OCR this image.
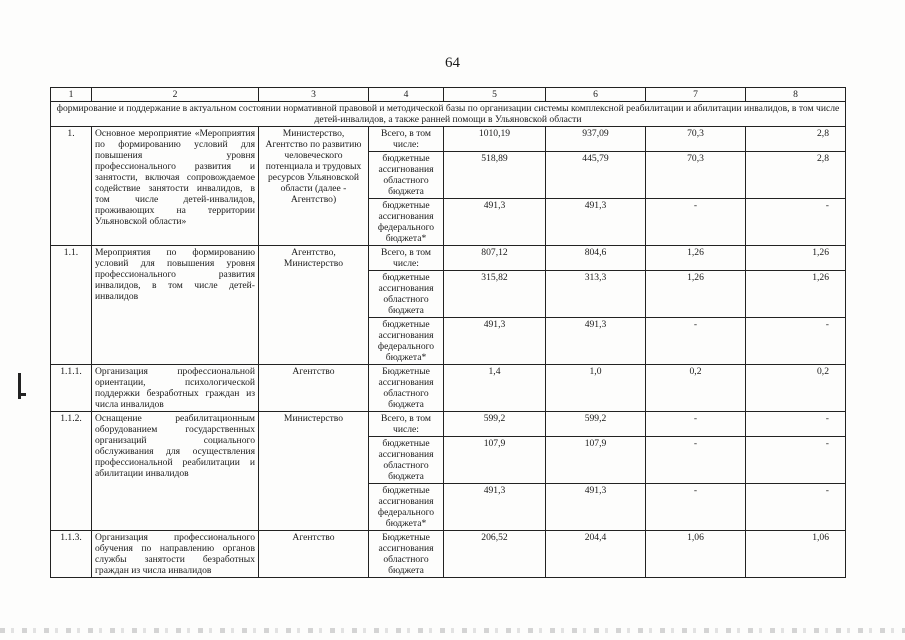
64
1	2	3	4	5	6	7	8
формирование и поддержание в актуальном состоянии нормативной правовой и методической базы по организации системы комплексной реабилитации и абилитации инвалидов, в том числе детей-инвалидов, а также ранней помощи в Ульяновской области							
1.	Основное мероприятие «Мероприятия по формированию условий для повышения уровня профессионального развития и занятости, включая сопровождаемое содействие занятости инвалидов, в том числе детей-инвалидов, проживающих на территории Ульяновской области»	Министерство, Агентство по развитию человеческого потенциала и трудовых ресурсов Ульяновской области (далее - Агентство)	Всего, в том числе:	1010,19	937,09	70,3	2,8
			бюджетные ассигнования областного бюджета	518,89	445,79	70,3	2,8
			бюджетные ассигнования федерального бюджета*	491,3	491,3	-	-
1.1.	Мероприятия по формированию условий для повышения уровня профессионального развития инвалидов, в том числе детей-инвалидов	Агентство, Министерство	Всего, в том числе:	807,12	804,6	1,26	1,26
			бюджетные ассигнования областного бюджета	315,82	313,3	1,26	1,26
			бюджетные ассигнования федерального бюджета*	491,3	491,3	-	-
1.1.1.	Организация профессиональной ориентации, психологической поддержки безработных граждан из числа инвалидов	Агентство	Бюджетные ассигнования областного бюджета	1,4	1,0	0,2	0,2
1.1.2.	Оснащение реабилитационным оборудованием государственных организаций социального обслуживания для осуществления профессиональной реабилитации и абилитации инвалидов	Министерство	Всего, в том числе:	599,2	599,2	-	-
			бюджетные ассигнования областного бюджета	107,9	107,9	-	-
			бюджетные ассигнования федерального бюджета*	491,3	491,3	-	-
1.1.3.	Организация профессионального обучения по направлению органов службы занятости безработных граждан из числа инвалидов	Агентство	Бюджетные ассигнования областного бюджета	206,52	204,4	1,06	1,06
